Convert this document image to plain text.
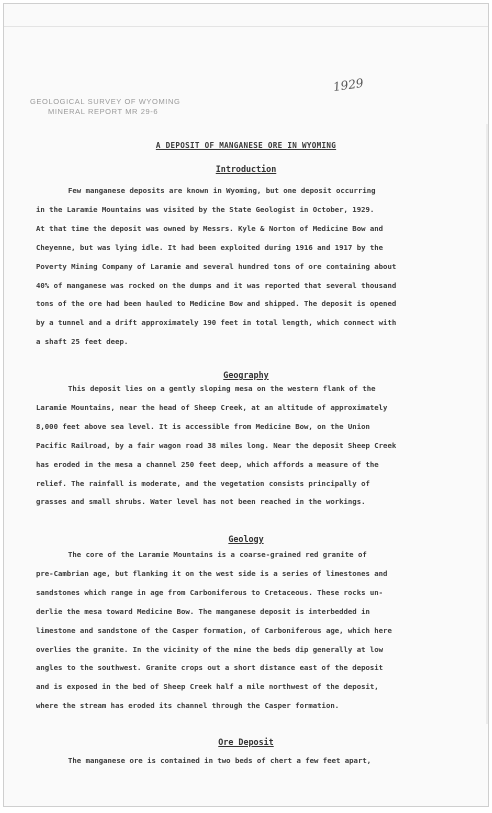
GEOLOGICAL SURVEY OF WYOMING
MINERAL REPORT MR 29-6
1929
A DEPOSIT OF MANGANESE ORE IN WYOMING
Introduction
Few manganese deposits are known in Wyoming, but one deposit occurring
in the Laramie Mountains was visited by the State Geologist in October, 1929.
At that time the deposit was owned by Messrs. Kyle & Norton of Medicine Bow and
Cheyenne, but was lying idle. It had been exploited during 1916 and 1917 by the
Poverty Mining Company of Laramie and several hundred tons of ore containing about
40% of manganese was rocked on the dumps and it was reported that several thousand
tons of the ore had been hauled to Medicine Bow and shipped. The deposit is opened
by a tunnel and a drift approximately 190 feet in total length, which connect with
a shaft 25 feet deep.
Geography
This deposit lies on a gently sloping mesa on the western flank of the
Laramie Mountains, near the head of Sheep Creek, at an altitude of approximately
8,000 feet above sea level. It is accessible from Medicine Bow, on the Union
Pacific Railroad, by a fair wagon road 38 miles long. Near the deposit Sheep Creek
has eroded in the mesa a channel 250 feet deep, which affords a measure of the
relief. The rainfall is moderate, and the vegetation consists principally of
grasses and small shrubs. Water level has not been reached in the workings.
Geology
The core of the Laramie Mountains is a coarse-grained red granite of
pre-Cambrian age, but flanking it on the west side is a series of limestones and
sandstones which range in age from Carboniferous to Cretaceous. These rocks un-
derlie the mesa toward Medicine Bow. The manganese deposit is interbedded in
limestone and sandstone of the Casper formation, of Carboniferous age, which here
overlies the granite. In the vicinity of the mine the beds dip generally at low
angles to the southwest. Granite crops out a short distance east of the deposit
and is exposed in the bed of Sheep Creek half a mile northwest of the deposit,
where the stream has eroded its channel through the Casper formation.
Ore Deposit
The manganese ore is contained in two beds of chert a few feet apart,
